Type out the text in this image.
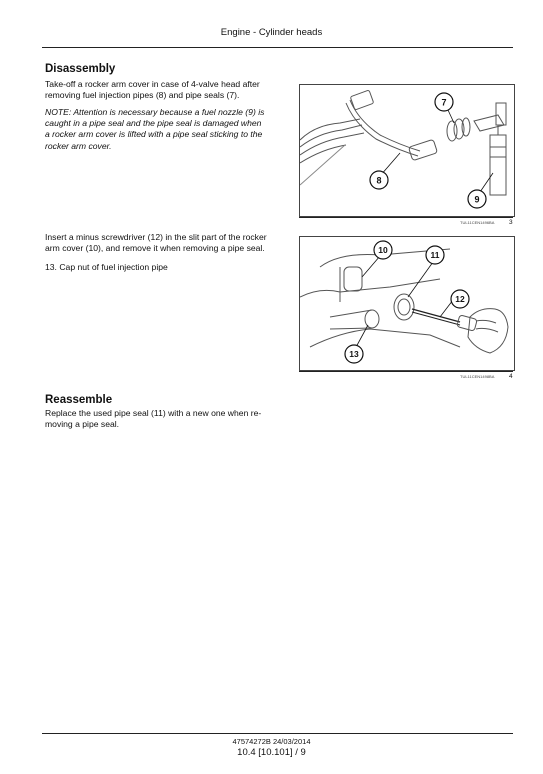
Engine - Cylinder heads
Disassembly
Take-off a rocker arm cover in case of 4-valve head after
removing fuel injection pipes (8) and pipe seals (7).
NOTE: Attention is necessary because a fuel nozzle (9) is
caught in a pipe seal and the pipe seal is damaged when
a rocker arm cover is lifted with a pipe seal sticking to the
rocker arm cover.
7
8
9
TUL11CEN1496BA 3
Insert a minus screwdriver (12) in the slit part of the rocker
arm cover (10), and remove it when removing a pipe seal.
13. Cap nut of fuel injection pipe
10	11
12
13
TUL11CEN1498BA 4
Reassemble
Replace the used pipe seal (11) with a new one when re-
moving a pipe seal.
47574272B 24/03/2014
10.4 [10.101] / 9
